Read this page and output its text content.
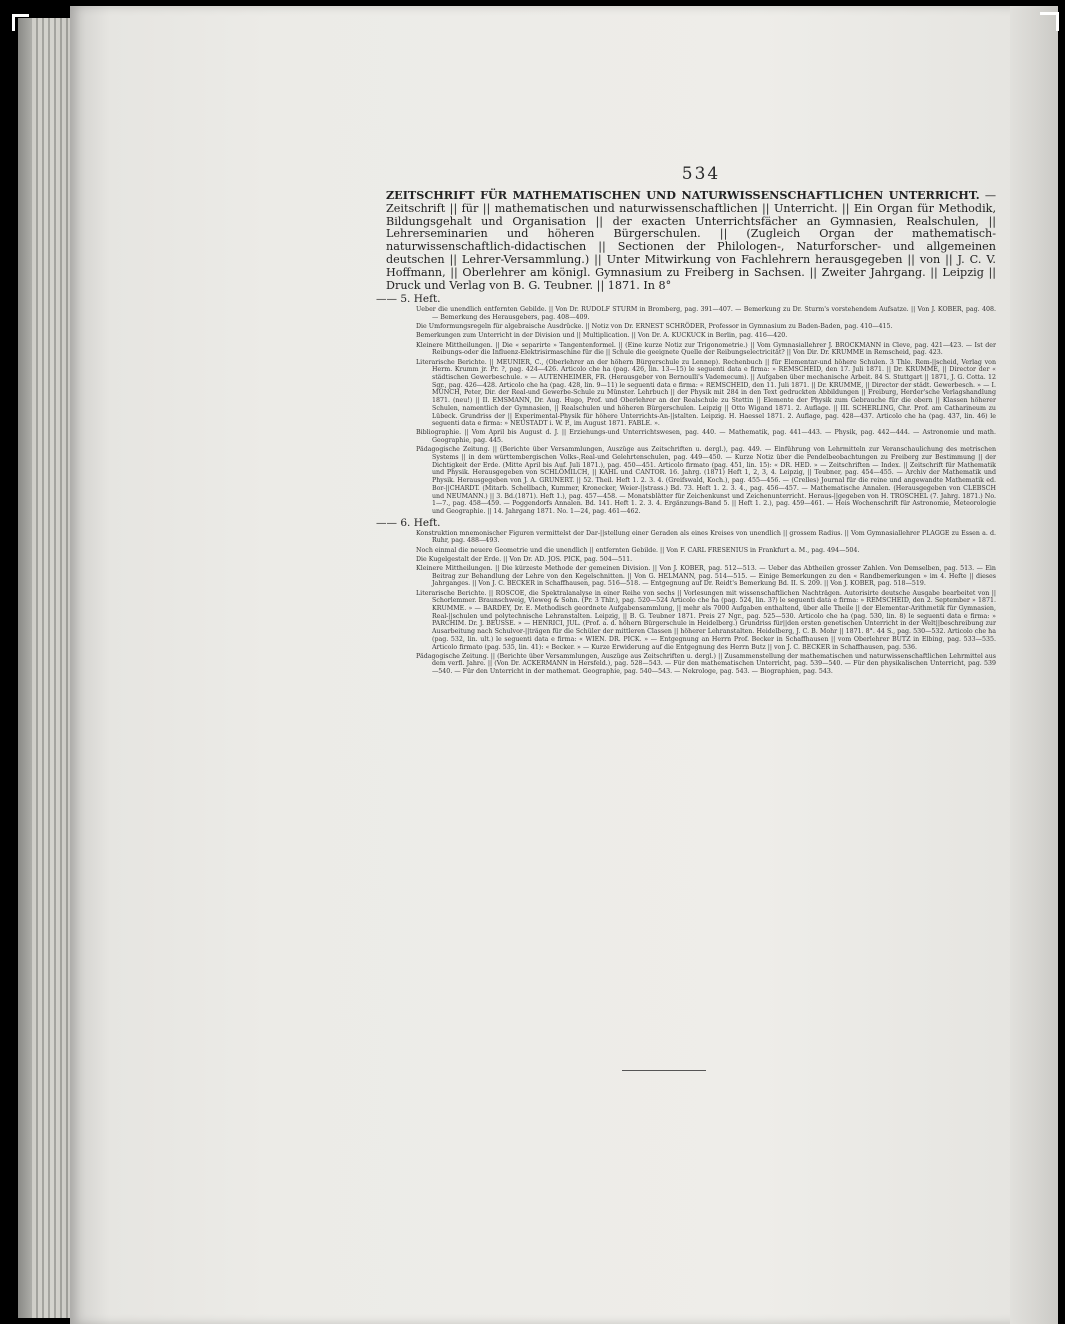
534
ZEITSCHRIFT FÜR MATHEMATISCHEN UND NATURWISSENSCHAFTLICHEN UNTERRICHT. — Zeitschrift || für || mathematischen und naturwissenschaftlichen || Unterricht. || Ein Organ für Methodik, Bildungsgehalt und Organisation || der exacten Unterrichtsfächer an Gymnasien, Realschulen, || Lehrerseminarien und höheren Bürgerschulen. || (Zugleich Organ der mathematisch-naturwissenschaftlich-didactischen || Sectionen der Philologen-, Naturforscher- und allgemeinen deutschen || Lehrer-Versammlung.) || Unter Mitwirkung von Fachlehrern herausgegeben || von || J. C. V. Hoffmann, || Oberlehrer am königl. Gymnasium zu Freiberg in Sachsen. || Zweiter Jahrgang. || Leipzig || Druck und Verlag von B. G. Teubner. || 1871. In 8°
—— 5. Heft.

Ueber die unendlich entfernten Gebilde. || Von Dr. RUDOLF STURM in Bromberg, pag. 391—407. — Bemerkung zu Dr. Sturm's vorstehendem Aufsatze. || Von J. KOBER, pag. 408. — Bemerkung des Herausgebers, pag. 408—409.

Die Umformungsregeln für algebraische Ausdrücke. || Notiz von Dr. ERNEST SCHRÖDER, Professor in Gymnasium zu Baden-Baden, pag. 410—415.

Bemerkungen zum Unterricht in der Division und || Multiplication. || Von Dr. A. KUCKUCK in Berlin, pag. 416—420.

Kleinere Mittheilungen. || Die « separirte » Tangentenformel. || (Eine kurze Notiz zur Trigonometrie.) || Vom Gymnasiallehrer J. BROCKMANN in Cleve, pag. 421—423. — Ist der Reibungs-oder die Influenz-Elektrisirmaschine für die || Schule die geeignete Quelle der Reibungselectricität? || Von Dir. Dr. KRUMME in Remscheid, pag. 423.

Literarische Berichte. || MEUNIER, C., (Oberlehrer an der höhern Bürgerschule zu Lennep). Rechenbuch || für Elementar-und höhere Schulen. 3 Thle. Rem-||scheid, Verlag von Herm. Krumm jr. Pr. ?, pag. 424—426. Articolo che ha (pag. 426, lin. 13—15) le seguenti data e firma: » REMSCHEID, den 17. Juli 1871. || Dr. KRUMME, || Director der « städtischen Gewerbeschule. » — AUTENHEIMER, FR. (Herausgeber von Bernoulli's Vademecum). || Aufgaben über mechanische Arbeit. 84 S. Stuttgart || 1871, J. G. Cotta. 12 Sgr., pag. 426—428. Articolo che ha (pag. 428, lin. 9—11) le seguenti data e firma: « REMSCHEID, den 11. Juli 1871. || Dr. KRUMME, || Director der städt. Gewerbesch. » — I. MÜNCH, Peter, Dir. der Real-und Gewerbe-Schule zu Münster. Lehrbuch || der Physik mit 284 in den Text gedruckten Abbildungen || Freiburg, Herder'sche Verlagshandlung 1871. (neu!) || II. EMSMANN, Dr. Aug. Hugo, Prof. und Oberlehrer an der Realschule zu Stettin || Elemente der Physik zum Gebrauche für die obern || Klassen höherer Schulen, namentlich der Gymnasien, || Realschulen und höheren Bürgerschulen. Leipzig || Otto Wigand 1871. 2. Auflage. || III. SCHERLING, Chr. Prof. am Catharineum zu Lübeck. Grundriss der || Experimental-Physik für höhere Unterrichts-An-||stalten. Leipzig. H. Haessel 1871. 2. Auflage, pag. 428—437. Articolo che ha (pag. 437, lin. 46) le seguenti data e firma: » NEUSTADT i. W. P., im August 1871. FABLE. ».

Bibliographie. || Vom April bis August d. J. || Erziehungs-und Unterrichtswesen, pag. 440. — Mathematik, pag. 441—443. — Physik, pag. 442—444. — Astronomie und math. Geographie, pag. 445.

Pädagogische Zeitung. || (Berichte über Versammlungen, Auszüge aus Zeitschriften u. dergl.), pag. 449. — Einführung von Lehrmitteln zur Veranschaulichung des metrischen Systems || in dem württembergischen Volks-,Real-und Gelehrtenschulen, pag. 449—450. — Kurze Notiz über die Pendelbeobachtungen zu Freiberg zur Bestimmung || der Dichtigkeit der Erde. (Mitte April bis Auf. Juli 1871.), pag. 450—451. Articolo firmato (pag. 451, lin. 15): « DR. HED. » — Zeitschriften — Index. || Zeitschrift für Mathematik und Physik. Herausgegeben von SCHLÖMILCH, || KAHL und CANTOR. 16. Jahrg. (1871) Heft 1, 2, 3, 4. Leipzig, || Teubner, pag. 454—455. — Archiv der Mathematik und Physik. Herausgegeben von J. A. GRUNERT. || 52. Theil. Heft 1. 2. 3. 4. (Greifswald, Koch.), pag. 455—456. — (Crelles) Journal für die reine und angewandte Mathematik ed. Bor-||CHARDT. (Mitarb. Schellbach, Kummer, Kronecker, Weier-||strass.) Bd. 73. Heft 1. 2. 3. 4., pag. 456—457. — Mathematische Annalen. (Herausgegeben von CLEBSCH und NEUMANN.) || 3. Bd.(1871). Heft 1.), pag. 457—458. — Monatsblätter für Zeichenkunst und Zeichenunterricht. Heraus-||gegeben von H. TROSCHEL (7. Jahrg. 1871.) No. 1—7., pag. 458—459. — Poggendorfs Annalen. Bd. 141. Heft 1. 2. 3. 4. Ergänzungs-Band 5. || Heft 1. 2.), pag. 459—461. — Heis Wochenschrift für Astronomie, Meteorologie und Geographie. || 14. Jahrgang 1871. No. 1—24, pag. 461—462.

—— 6. Heft.

Konstruktion mnemonischer Figuren vermittelst der Dar-||stellung einer Geraden als eines Kreises von unendlich || grossem Radius. || Vom Gymnasiallehrer PLAGGE zu Essen a. d. Ruhr, pag. 488—493.

Noch einmal die neuere Geometrie und die unendlich || entfernten Gebilde. || Von F. CARL FRESENIUS in Frankfurt a. M., pag. 494—504.

Die Kugelgestalt der Erde. || Von Dr. AD. JOS. PICK, pag. 504—511.

Kleinere Mittheilungen. || Die kürzeste Methode der gemeinen Division. || Von J. KOBER, pag. 512—513. — Ueber das Abtheilen grosser Zahlen. Von Demselben, pag. 513. — Ein Beitrag zur Behandlung der Lehre von den Kegelschnitten. || Von G. HELMANN, pag. 514—515. — Einige Bemerkungen zu den « Randbemerkungen » im 4. Hefte || dieses Jahrganges. || Von J. C. BECKER in Schaffhausen, pag. 516—518. — Entgegnung auf Dr. Reidt's Bemerkung Bd. II. S. 209. || Von J. KOBER, pag. 518—519.

Literarische Berichte. || ROSCOE, die Spektralanalyse in einer Reihe von sechs || Vorlesungen mit wissenschaftlichen Nachträgen. Autorisirte deutsche Ausgabe bearbeitet von || Schorlemmer. Braunschweig, Vieweg & Sohn. (Pr. 3 Thlr.), pag. 520—524 Articolo che ha (pag. 524, lin. 3?) le seguenti data e firma: » REMSCHEID, den 2. September » 1871. KRUMME. » — BARDEY, Dr. E. Methodisch geordnete Aufgabensammlung, || mehr als 7000 Aufgaben enthaltend, über alle Theile || der Elementar-Arithmetik für Gymnasien, Real-||schulen und polytechnische Lehranstalten. Leipzig, || B. G. Teubner 1871. Preis 27 Ngr., pag. 525—530. Articolo che ha (pag. 530, lin. 8) le seguenti data e firma: » PARCHIM. Dr. J. BEUSSE. » — HENRICI, JUL. (Prof. a. d. höhern Bürgerschule in Heidelberg.) Grundriss für||den ersten genetischen Unterricht in der Welt||beschreibung zur Ausarbeitung nach Schulvor-||trägen für die Schüler der mittleren Classen || höherer Lehranstalten. Heidelberg, J. C. B. Mohr || 1871. 8°. 44 S., pag. 530—532. Articolo che ha (pag. 532, lin. ult.) le seguenti data e firma: « WIEN. DR. PICK. » — Entgegnung an Herrn Prof. Becker in Schaffhausen || vom Oberlehrer BUTZ in Elbing, pag. 533—535. Articolo firmato (pag. 535, lin. 41): « Becker. » — Kurze Erwiderung auf die Entgegnung des Herrn Butz || von J. C. BECKER in Schaffhausen, pag. 536.

Pädagogische Zeitung. || (Berichte über Versammlungen, Auszüge aus Zeitschriften u. dergl.) || Zusammenstellung der mathematischen und naturwissenschaftlichen Lehrmittel aus dem verfl. Jahre. || (Von Dr. ACKERMANN in Hersfeld.), pag. 528—543. — Für den mathematischen Unterricht, pag. 539—540. — Für den physikalischen Unterricht, pag. 539—540. — Für den Unterricht in der mathemat. Geographie, pag. 540—543. — Nekrologe, pag. 543. — Biographien, pag. 543.
